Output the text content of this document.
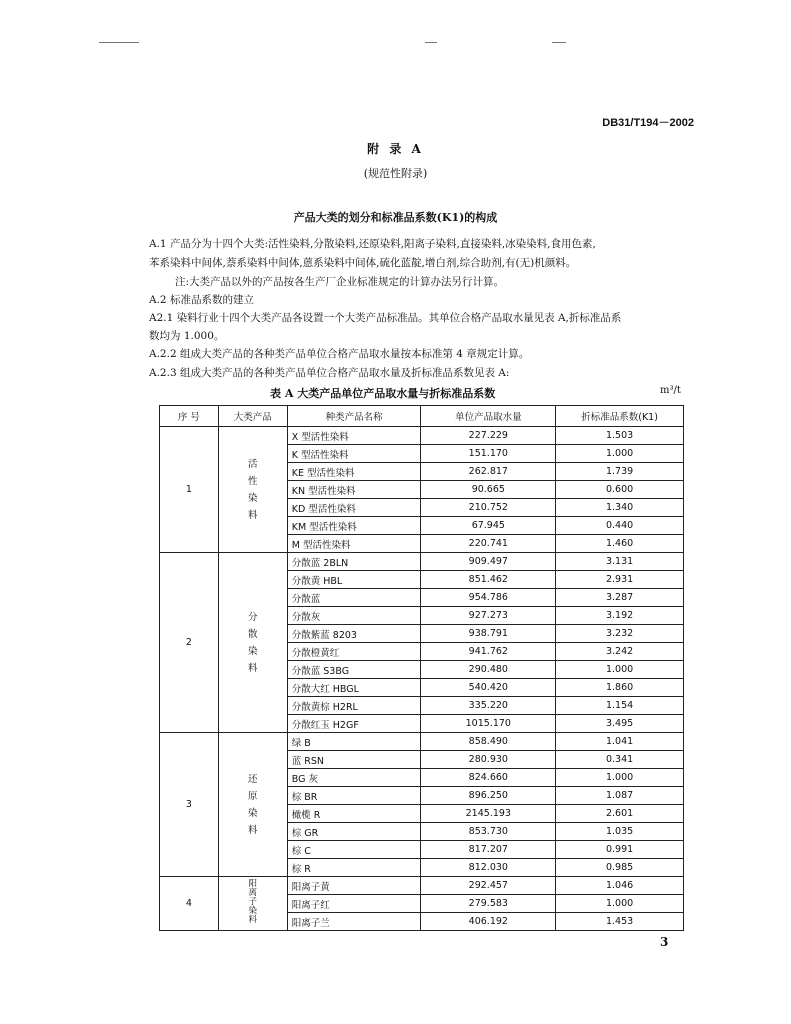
DB31/T194－2002
附 录 A
(规范性附录)
产品大类的划分和标准品系数(K1)的构成
A.1 产品分为十四个大类:活性染料,分散染料,还原染料,阳离子染料,直接染料,冰染染料,食用色素,
苯系染料中间体,萘系染料中间体,蒽系染料中间体,硫化蓝靛,增白剂,综合助剂,有(无)机颜料。
注:大类产品以外的产品按各生产厂企业标准规定的计算办法另行计算。
A.2 标准品系数的建立
A2.1 染料行业十四个大类产品各设置一个大类产品标准品。其单位合格产品取水量见表 A,折标准品系
数均为 1.000。
A.2.2 组成大类产品的各种类产品单位合格产品取水量按本标准第 4 章规定计算。
A.2.3 组成大类产品的各种类产品单位合格产品取水量及折标准品系数见表 A:
表 A 大类产品单位产品取水量与折标准品系数	m³/t
序 号	大类产品	种类产品名称	单位产品取水量	折标准品系数(K1)
1	活性染料	X 型活性染料	227.229	1.503
		K 型活性染料	151.170	1.000
		KE 型活性染料	262.817	1.739
		KN 型活性染料	90.665	0.600
		KD 型活性染料	210.752	1.340
		KM 型活性染料	67.945	0.440
		M 型活性染料	220.741	1.460
2	分散染料	分散蓝 2BLN	909.497	3.131
		分散黄 HBL	851.462	2.931
		分散蓝	954.786	3.287
		分散灰	927.273	3.192
		分散紫蓝 8203	938.791	3.232
		分散橙黄红	941.762	3.242
		分散蓝 S3BG	290.480	1.000
		分散大红 HBGL	540.420	1.860
		分散黄棕 H2RL	335.220	1.154
		分散红玉 H2GF	1015.170	3.495
3	还原染料	绿 B	858.490	1.041
		蓝 RSN	280.930	0.341
		BG 灰	824.660	1.000
		棕 BR	896.250	1.087
		橄榄 R	2145.193	2.601
		棕 GR	853.730	1.035
		棕 C	817.207	0.991
		棕 R	812.030	0.985
4	阳离子染料	阳离子黄	292.457	1.046
		阳离子红	279.583	1.000
		阳离子兰	406.192	1.453
3
